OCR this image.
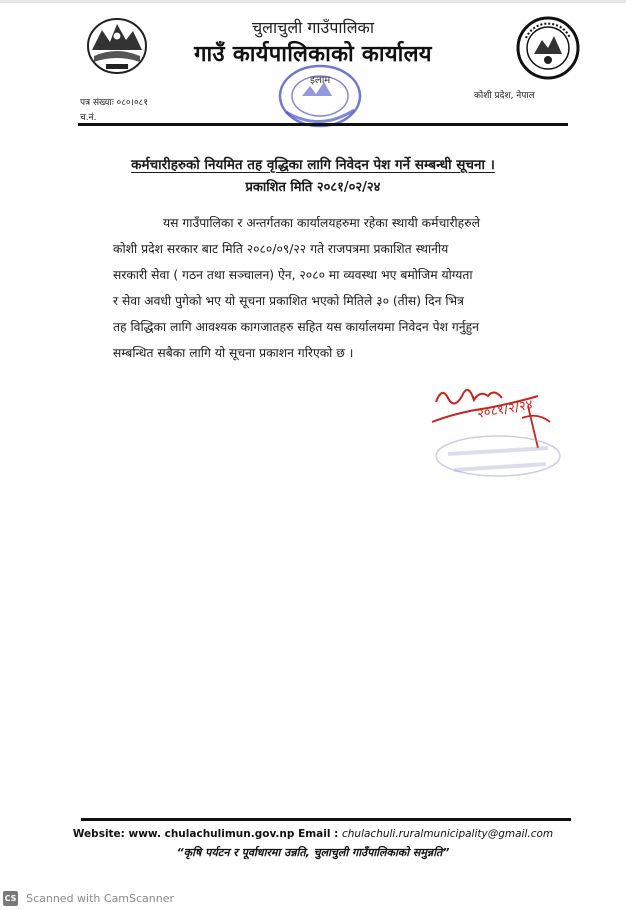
चुलाचुली गाउँपालिका
गाउँ कार्यपालिकाको कार्यालय
इलाम
पत्र संख्याः ०८०।०८१
च.नं.
कोशी प्रदेश, नेपाल
कर्मचारीहरुको नियमित तह वृद्धिका लागि निवेदन पेश गर्ने सम्बन्धी सूचना ।
प्रकाशित मिति २०८१/०२/२४
यस गाउँपालिका र अन्तर्गतका कार्यालयहरुमा रहेका स्थायी कर्मचारीहरुले
कोशी प्रदेश सरकार बाट मिति २०८०/०९/२२ गते राजपत्रमा प्रकाशित स्थानीय
सरकारी सेवा ( गठन तथा सञ्चालन) ऐन, २०८० मा व्यवस्था भए बमोजिम योग्यता
र सेवा अवधी पुगेको भए यो सूचना प्रकाशित भएको मितिले ३० (तीस) दिन भित्र
तह विद्धिका लागि आवश्यक कागजातहरु सहित यस कार्यालयमा निवेदन पेश गर्नुहुन
सम्बन्धित सबैका लागि यो सूचना प्रकाशन गरिएको छ ।
२०८१/२/२४
Website: www. chulachulimun.gov.np Email : chulachuli.ruralmunicipality@gmail.com
“कृषि पर्यटन र पूर्वाधारमा उन्नति, चुलाचुली गाउँपालिकाको समुन्नति”
CS Scanned with CamScanner
